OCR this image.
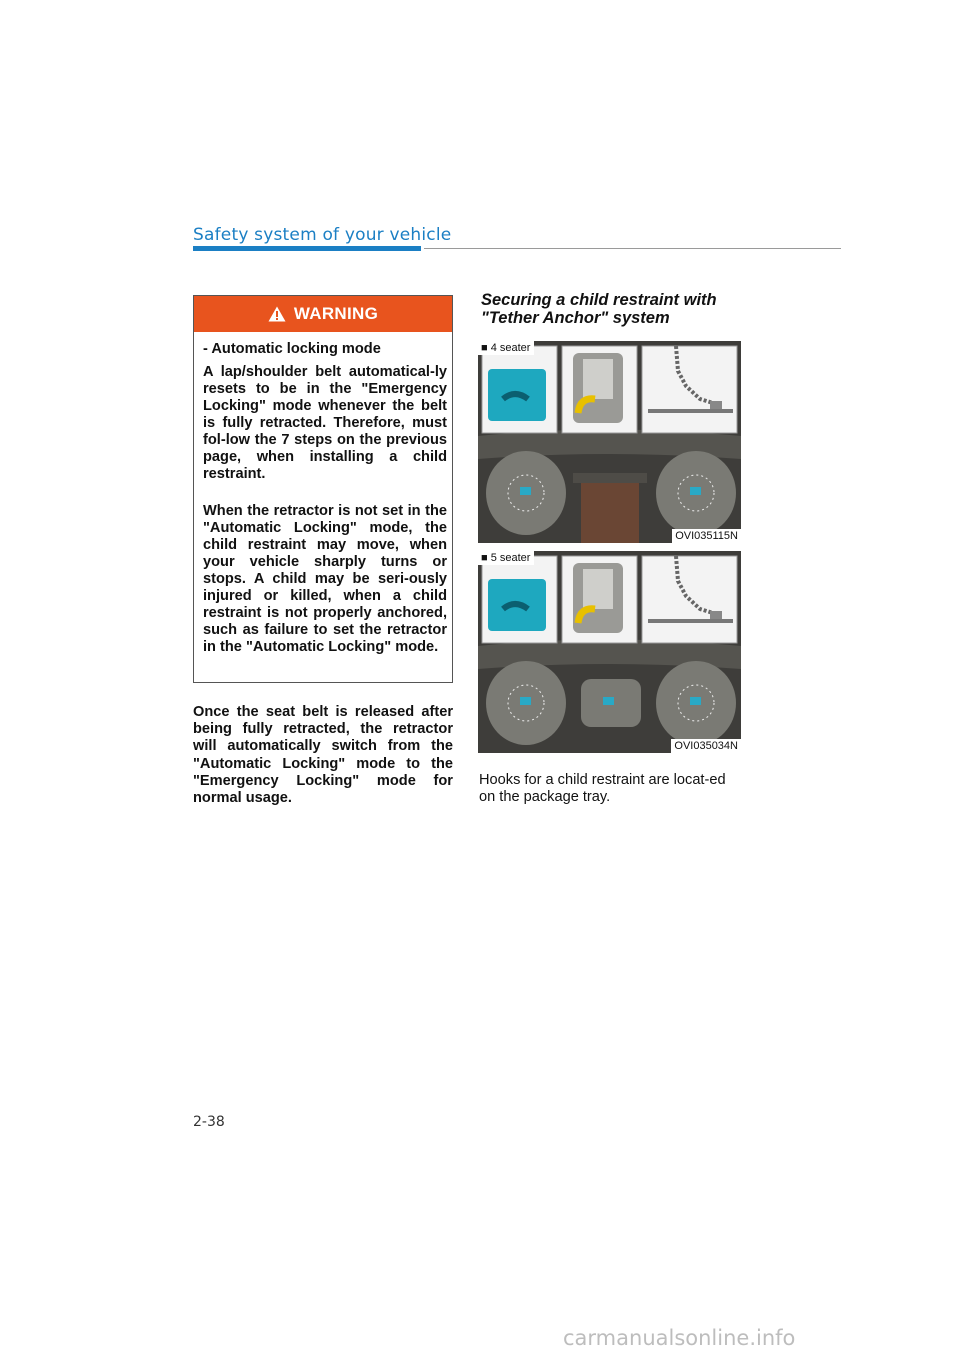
Safety system of your vehicle
WARNING
- Automatic locking mode
A lap/shoulder belt automatical-ly resets to be in the "Emergency Locking" mode whenever the belt is fully retracted. Therefore, must fol-low the 7 steps on the previous page, when installing a child restraint.
When the retractor is not set in the "Automatic Locking" mode, the child restraint may move, when your vehicle sharply turns or stops. A child may be seri-ously injured or killed, when a child restraint is not properly anchored, such as failure to set the retractor in the "Automatic Locking" mode.
Once the seat belt is released after being fully retracted, the retractor will automatically switch from the "Automatic Locking" mode to the "Emergency Locking" mode for normal usage.
Securing a child restraint with "Tether Anchor" system
■ 4 seater
OVI035115N
■ 5 seater
OVI035034N
Hooks for a child restraint are locat-ed on the package tray.
2-38
carmanualsonline.info
